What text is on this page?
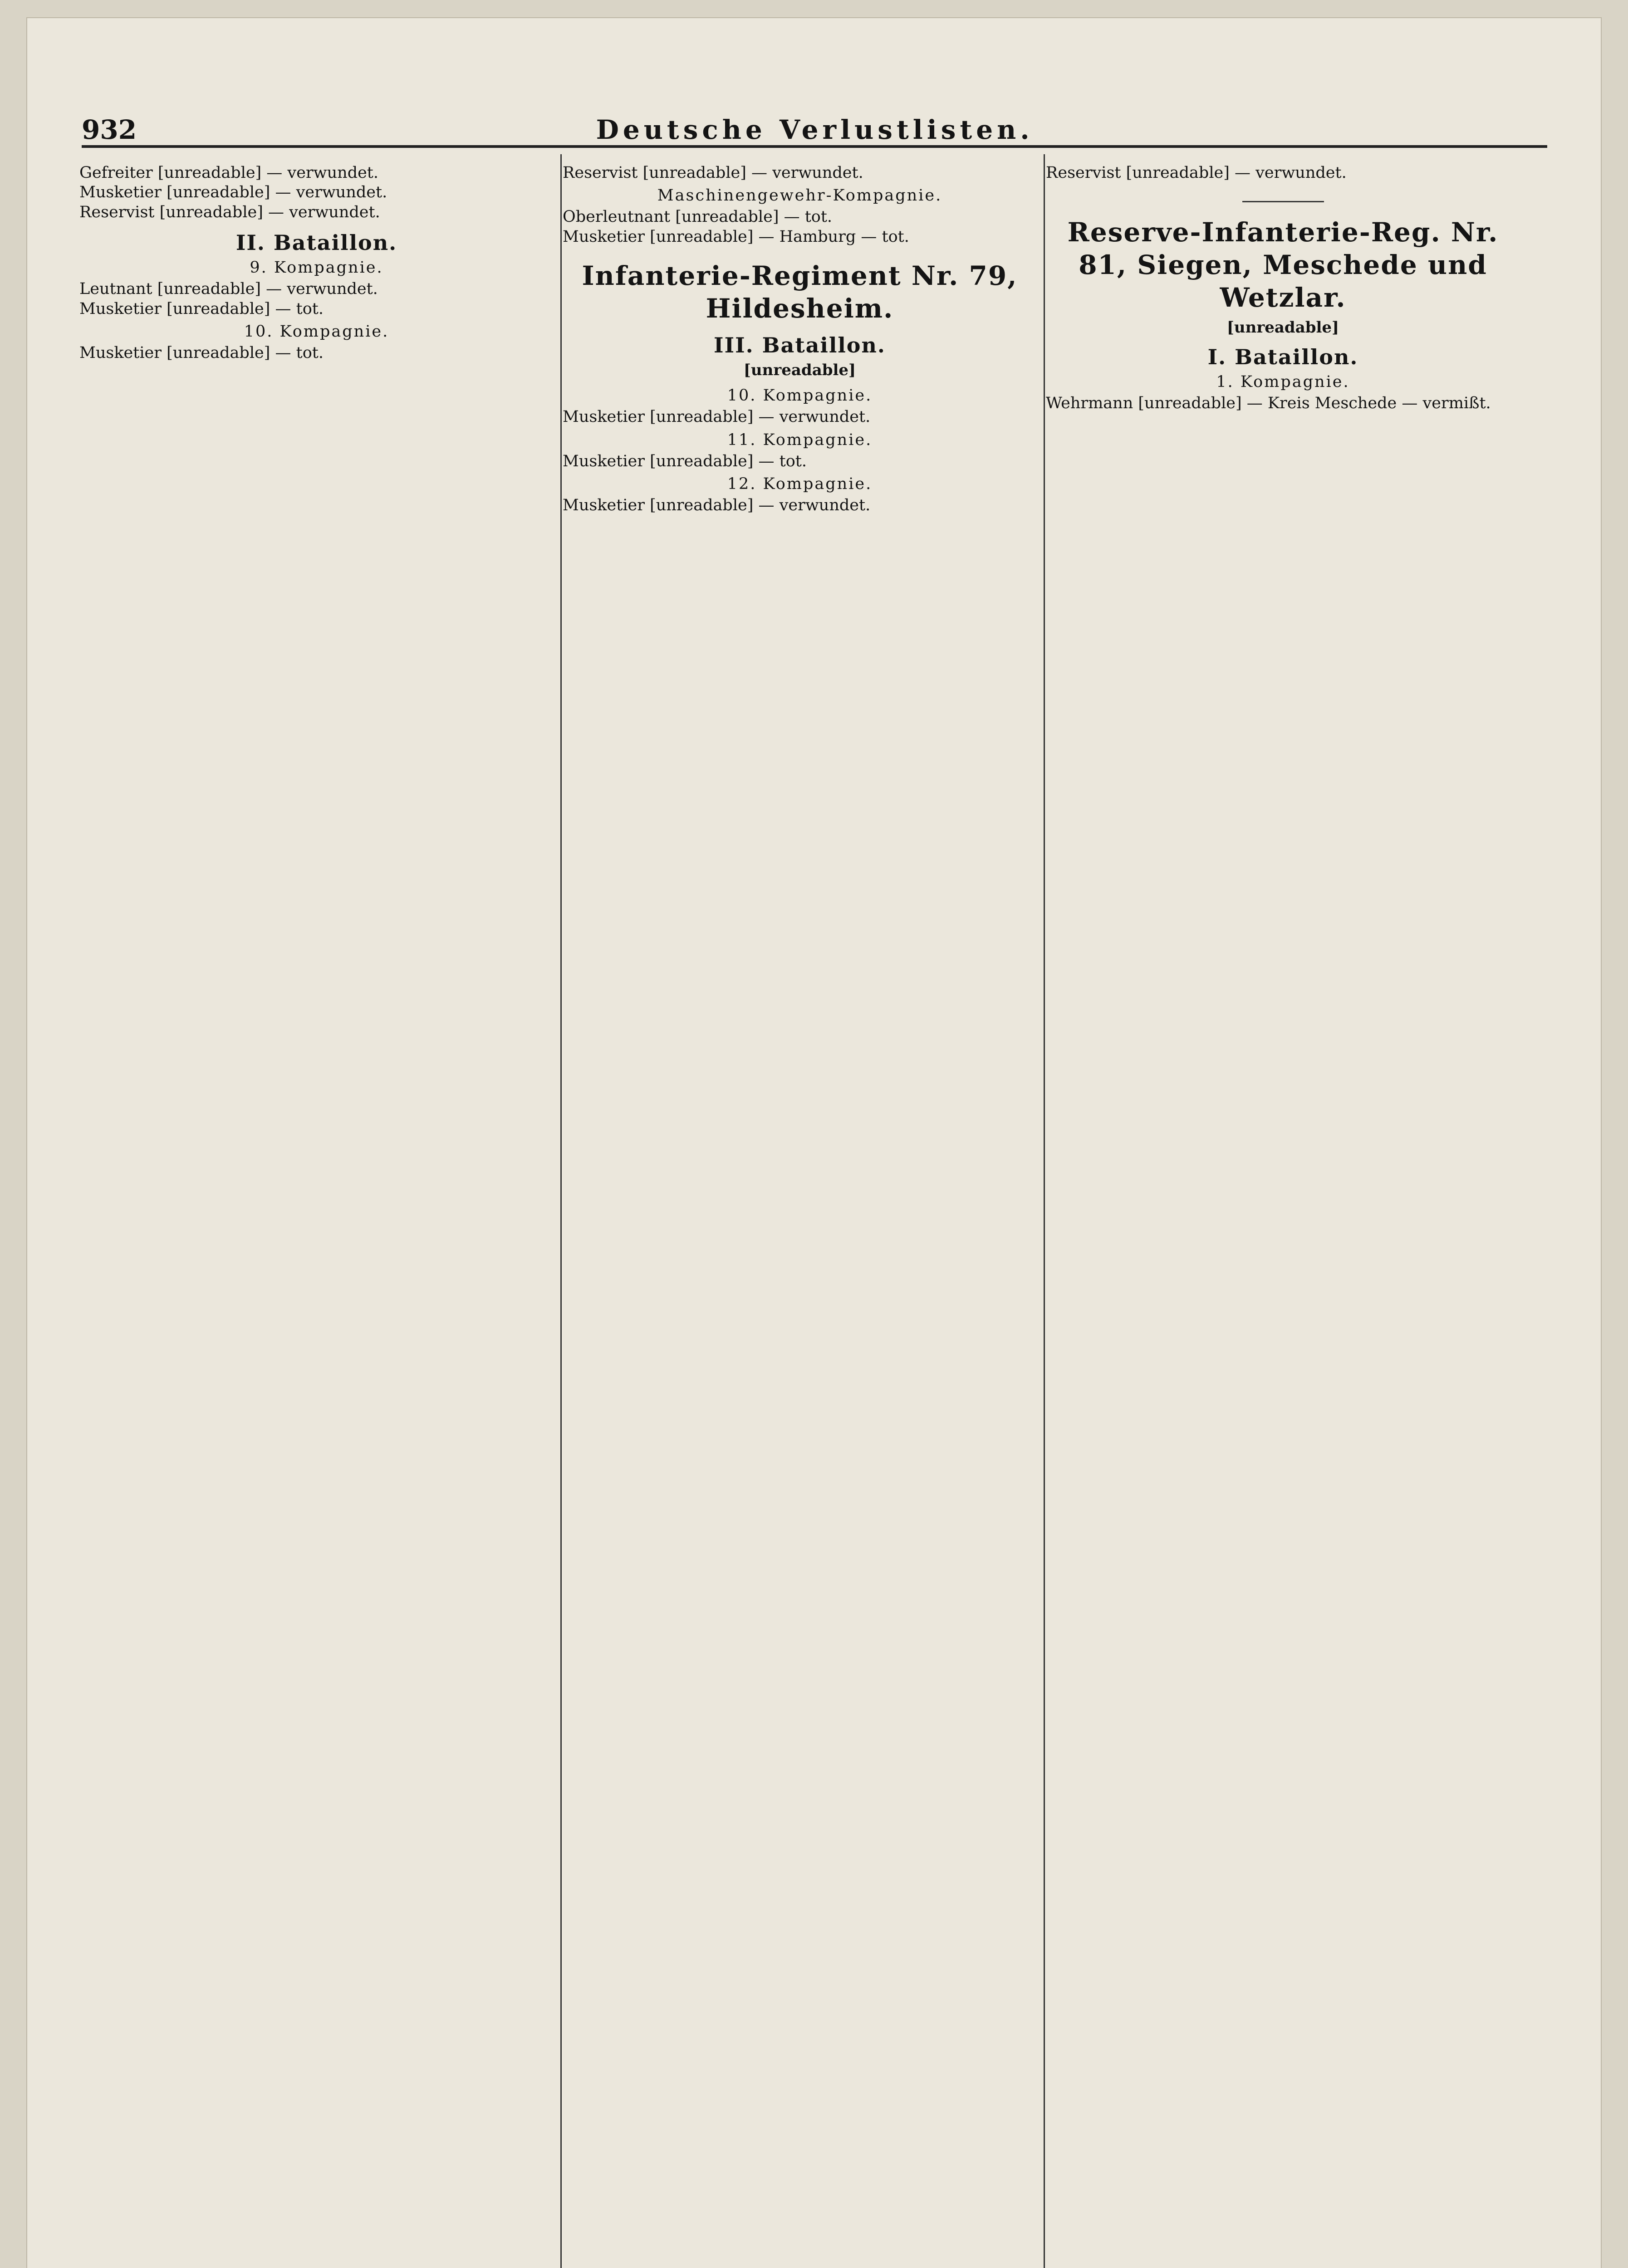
932	Deutsche Verlustlisten.

Gefreiter [unreadable] — verwundet.

Musketier [unreadable] — verwundet.

Reservist [unreadable] — verwundet.

II. Bataillon.
9. Kompagnie.

Leutnant [unreadable] — verwundet.

Musketier [unreadable] — tot.

10. Kompagnie.

Musketier [unreadable] — tot.

Reservist [unreadable] — verwundet.

Maschinengewehr-Kompagnie.

Oberleutnant [unreadable] — tot.

Musketier [unreadable] — Hamburg — tot.

Infanterie-Regiment Nr. 79, Hildesheim.
III. Bataillon.
[unreadable]
10. Kompagnie.

Musketier [unreadable] — verwundet.

11. Kompagnie.

Musketier [unreadable] — tot.

12. Kompagnie.

Musketier [unreadable] — verwundet.

Reservist [unreadable] — verwundet.

Reserve-Infanterie-Reg. Nr. 81, Siegen, Meschede und Wetzlar.
[unreadable]
I. Bataillon.
1. Kompagnie.

Wehrmann [unreadable] — Kreis Meschede — vermißt.
